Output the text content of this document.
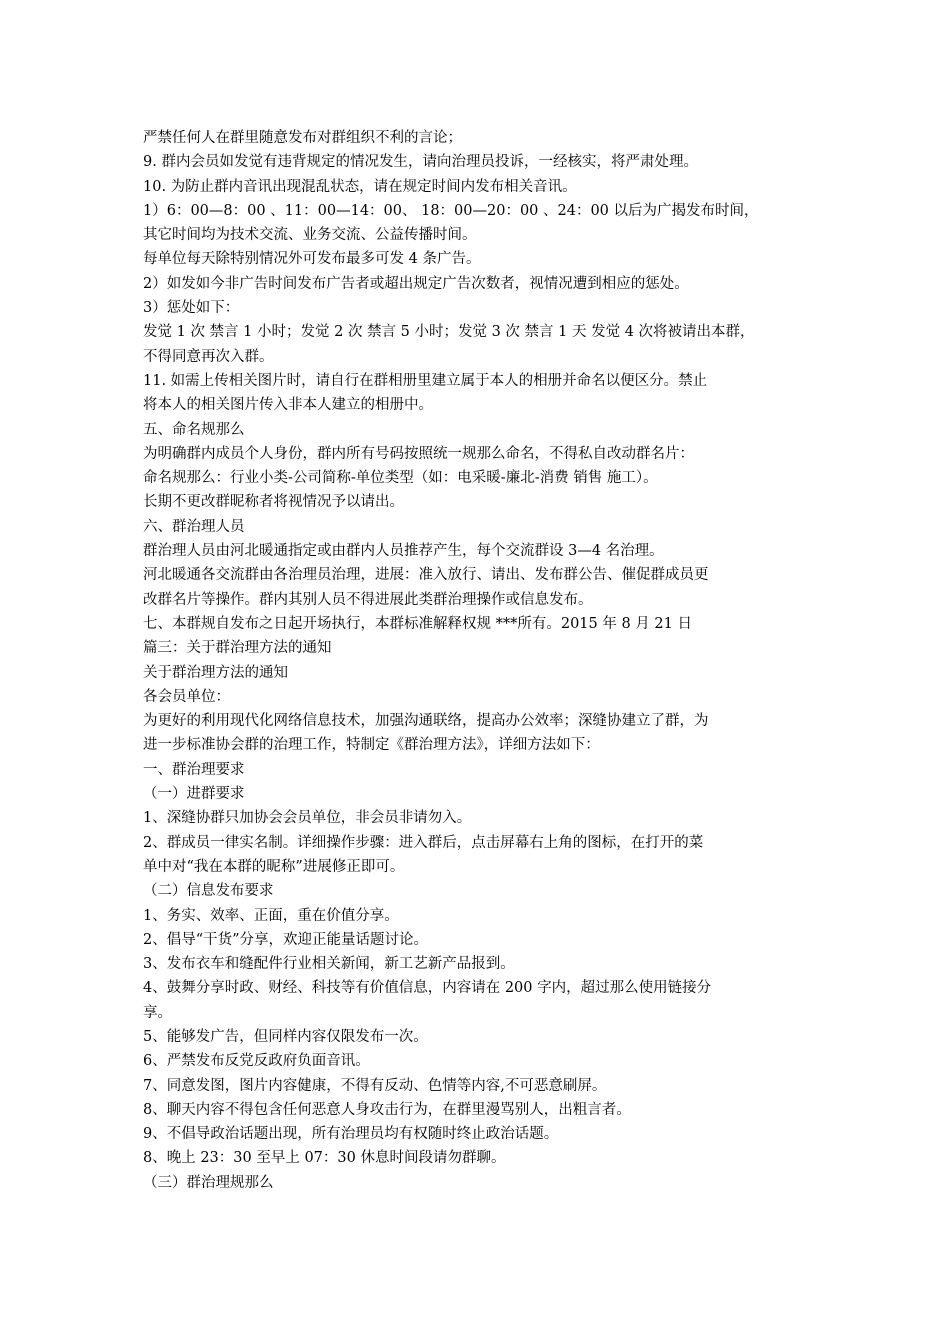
严禁任何人在群里随意发布对群组织不利的言论；

9. 群内会员如发觉有违背规定的情况发生，请向治理员投诉，一经核实，将严肃处理。

10. 为防止群内音讯出现混乱状态，请在规定时间内发布相关音讯。

1）6：00—8：00 、11：00—14：00、 18：00—20：00 、24：00 以后为广揭发布时间，

其它时间均为技术交流、业务交流、公益传播时间。

每单位每天除特别情况外可发布最多可发 4 条广告。

2）如发如今非广告时间发布广告者或超出规定广告次数者，视情况遭到相应的惩处。

3）惩处如下：

发觉 1 次 禁言 1 小时；发觉 2 次 禁言 5 小时；发觉 3 次 禁言 1 天 发觉 4 次将被请出本群，

不得同意再次入群。

11. 如需上传相关图片时，请自行在群相册里建立属于本人的相册并命名以便区分。禁止

将本人的相关图片传入非本人建立的相册中。

五、命名规那么

为明确群内成员个人身份，群内所有号码按照统一规那么命名，不得私自改动群名片：

命名规那么：行业小类-公司简称-单位类型（如：电采暖-廉北-消费 销售 施工）。

长期不更改群昵称者将视情况予以请出。

六、群治理人员

群治理人员由河北暖通指定或由群内人员推荐产生，每个交流群设 3—4 名治理。

河北暖通各交流群由各治理员治理，进展：准入放行、请出、发布群公告、催促群成员更

改群名片等操作。群内其别人员不得进展此类群治理操作或信息发布。

七、本群规自发布之日起开场执行，本群标准解释权规 ***所有。2015 年 8 月 21 日

篇三：关于群治理方法的通知

关于群治理方法的通知

各会员单位：

为更好的利用现代化网络信息技术，加强沟通联络，提高办公效率；深缝协建立了群，为

进一步标准协会群的治理工作，特制定《群治理方法》，详细方法如下：

一、群治理要求

（一）进群要求

1、深缝协群只加协会会员单位，非会员非请勿入。

2、群成员一律实名制。详细操作步骤：进入群后，点击屏幕右上角的图标，在打开的菜

单中对“我在本群的昵称”进展修正即可。

（二）信息发布要求

1、务实、效率、正面，重在价值分享。

2、倡导“干货”分享，欢迎正能量话题讨论。

3、发布衣车和缝配件行业相关新闻，新工艺新产品报到。

4、鼓舞分享时政、财经、科技等有价值信息，内容请在 200 字内，超过那么使用链接分

享。

5、能够发广告，但同样内容仅限发布一次。

6、严禁发布反党反政府负面音讯。

7、同意发图，图片内容健康，不得有反动、色情等内容,不可恶意刷屏。

8、聊天内容不得包含任何恶意人身攻击行为，在群里漫骂别人，出粗言者。

9、不倡导政治话题出现，所有治理员均有权随时终止政治话题。

8、晚上 23：30 至早上 07：30 休息时间段请勿群聊。

（三）群治理规那么
